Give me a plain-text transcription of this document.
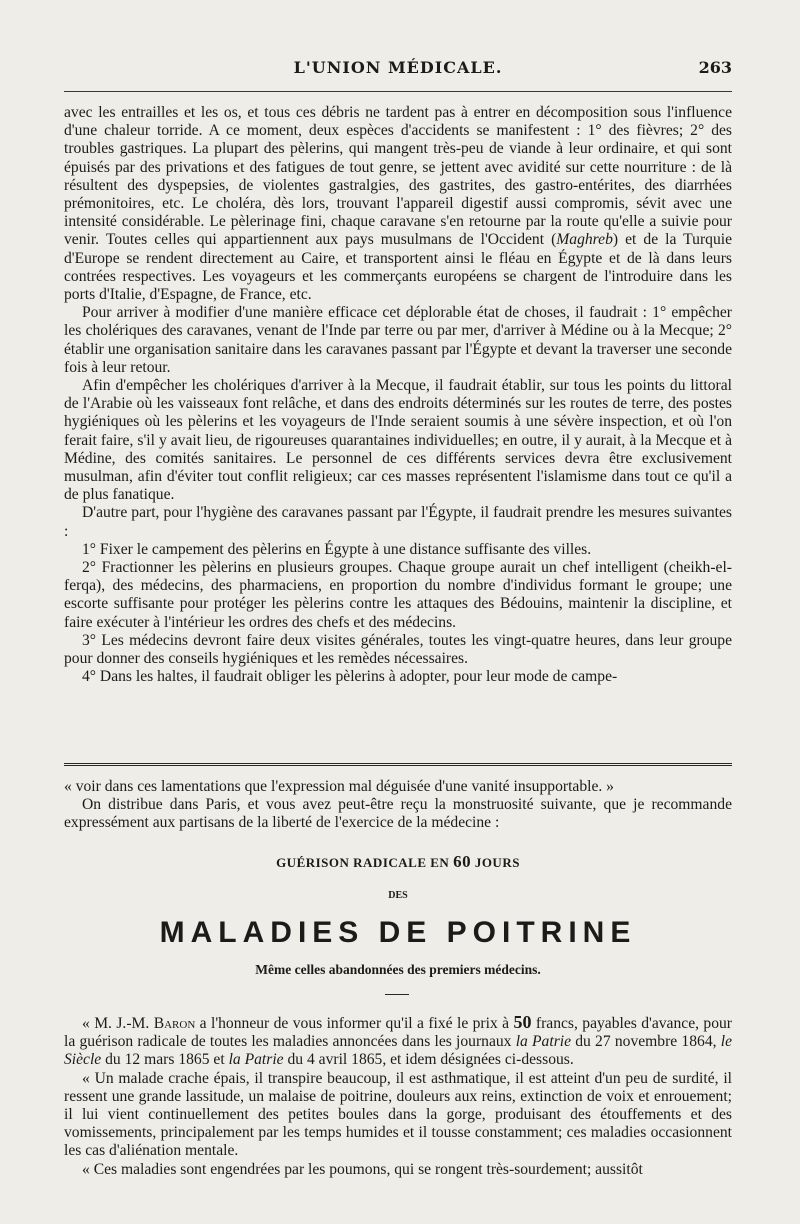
L'UNION MÉDICALE.	263

avec les entrailles et les os, et tous ces débris ne tardent pas à entrer en décomposition sous l'influence d'une chaleur torride. A ce moment, deux espèces d'accidents se manifestent : 1° des fièvres; 2° des troubles gastriques. La plupart des pèlerins, qui mangent très-peu de viande à leur ordinaire, et qui sont épuisés par des privations et des fatigues de tout genre, se jettent avec avidité sur cette nourriture : de là résultent des dyspepsies, de violentes gastralgies, des gastrites, des gastro-entérites, des diarrhées prémonitoires, etc. Le choléra, dès lors, trouvant l'appareil digestif aussi compromis, sévit avec une intensité considérable. Le pèlerinage fini, chaque caravane s'en retourne par la route qu'elle a suivie pour venir. Toutes celles qui appartiennent aux pays musulmans de l'Occident (Maghreb) et de la Turquie d'Europe se rendent directement au Caire, et transportent ainsi le fléau en Égypte et de là dans leurs contrées respectives. Les voyageurs et les commerçants européens se chargent de l'introduire dans les ports d'Italie, d'Espagne, de France, etc.

Pour arriver à modifier d'une manière efficace cet déplorable état de choses, il faudrait : 1° empêcher les cholériques des caravanes, venant de l'Inde par terre ou par mer, d'arriver à Médine ou à la Mecque; 2° établir une organisation sanitaire dans les caravanes passant par l'Égypte et devant la traverser une seconde fois à leur retour.

Afin d'empêcher les cholériques d'arriver à la Mecque, il faudrait établir, sur tous les points du littoral de l'Arabie où les vaisseaux font relâche, et dans des endroits déterminés sur les routes de terre, des postes hygiéniques où les pèlerins et les voyageurs de l'Inde seraient soumis à une sévère inspection, et où l'on ferait faire, s'il y avait lieu, de rigoureuses quarantaines individuelles; en outre, il y aurait, à la Mecque et à Médine, des comités sanitaires. Le personnel de ces différents services devra être exclusivement musulman, afin d'éviter tout conflit religieux; car ces masses représentent l'islamisme dans tout ce qu'il a de plus fanatique.

D'autre part, pour l'hygiène des caravanes passant par l'Égypte, il faudrait prendre les mesures suivantes :

1° Fixer le campement des pèlerins en Égypte à une distance suffisante des villes.

2° Fractionner les pèlerins en plusieurs groupes. Chaque groupe aurait un chef intelligent (cheikh-el-ferqa), des médecins, des pharmaciens, en proportion du nombre d'individus formant le groupe; une escorte suffisante pour protéger les pèlerins contre les attaques des Bédouins, maintenir la discipline, et faire exécuter à l'intérieur les ordres des chefs et des médecins.

3° Les médecins devront faire deux visites générales, toutes les vingt-quatre heures, dans leur groupe pour donner des conseils hygiéniques et les remèdes nécessaires.

4° Dans les haltes, il faudrait obliger les pèlerins à adopter, pour leur mode de campe-

« voir dans ces lamentations que l'expression mal déguisée d'une vanité insupportable. »

On distribue dans Paris, et vous avez peut-être reçu la monstruosité suivante, que je recommande expressément aux partisans de la liberté de l'exercice de la médecine :

GUÉRISON RADICALE EN 60 JOURS
DES
MALADIES DE POITRINE
Même celles abandonnées des premiers médecins.

« M. J.-M. Baron a l'honneur de vous informer qu'il a fixé le prix à 50 francs, payables d'avance, pour la guérison radicale de toutes les maladies annoncées dans les journaux la Patrie du 27 novembre 1864, le Siècle du 12 mars 1865 et la Patrie du 4 avril 1865, et idem désignées ci-dessous.

« Un malade crache épais, il transpire beaucoup, il est asthmatique, il est atteint d'un peu de surdité, il ressent une grande lassitude, un malaise de poitrine, douleurs aux reins, extinction de voix et enrouement; il lui vient continuellement des petites boules dans la gorge, produisant des étouffements et des vomissements, principalement par les temps humides et il tousse constamment; ces maladies occasionnent les cas d'aliénation mentale.

« Ces maladies sont engendrées par les poumons, qui se rongent très-sourdement; aussitôt
